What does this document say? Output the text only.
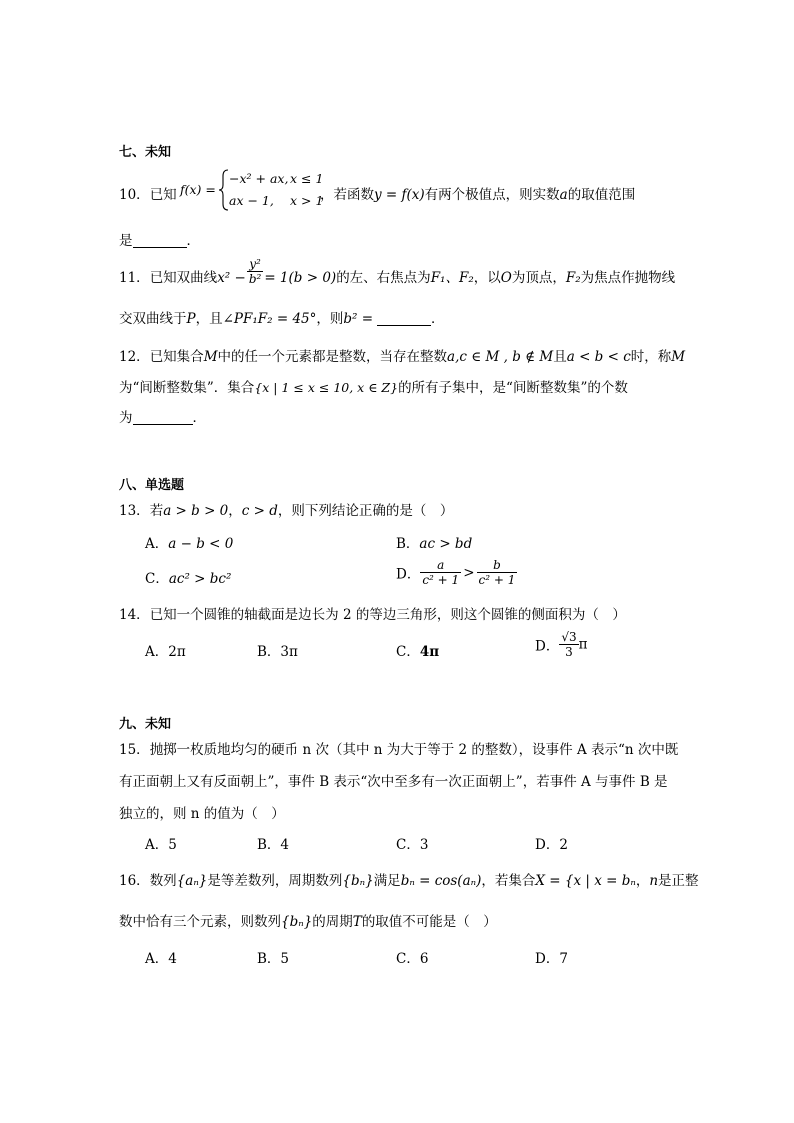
七、未知
10．已知 f(x) =
−x² + ax, x ≤ 1
ax − 1, x > 1
，若函数y = f(x)有两个极值点，则实数a的取值范围
是	．
11．已知双曲线$x^2 - \frac{\text{y²}}{\text{b²}} = 1(b > 0)$的左、右焦点为F₁、F₂，以O为顶点，F₂为焦点作抛物线
交双曲线于P，且∠PF₁F₂ = 45°，则b² =	．
12．已知集合M中的任一个元素都是整数，当存在整数a,c ∈ M , b ∉ M且a < b < c时，称M
为“间断整数集”．集合{x | 1 ≤ x ≤ 10, x ∈ Z}的所有子集中，是“间断整数集”的个数
为	．
八、单选题
13．若a > b > 0，c > d，则下列结论正确的是（　）
A．a − b < 0	B．ac > bd
C．ac² > bc²	D． $\frac{a}{\text{c² + 1}} > \frac{b}{\text{c² + 1}}$
14．已知一个圆锥的轴截面是边长为 2 的等边三角形，则这个圆锥的侧面积为（　）
A．2π	B．3π	C．4π	D． $\frac{√3}{3}$ π
九、未知
15．抛掷一枚质地均匀的硬币 n 次（其中 n 为大于等于 2 的整数），设事件 A 表示“n 次中既
有正面朝上又有反面朝上”，事件 B 表示“次中至多有一次正面朝上”，若事件 A 与事件 B 是
独立的，则 n 的值为（　）
A．5	B．4	C．3	D．2
16．数列{aₙ}是等差数列，周期数列{bₙ}满足bₙ = cos(aₙ)，若集合X = {x | x = bₙ，n是正整
数中恰有三个元素，则数列{bₙ}的周期T的取值不可能是（　）
A．4	B．5	C．6	D．7
